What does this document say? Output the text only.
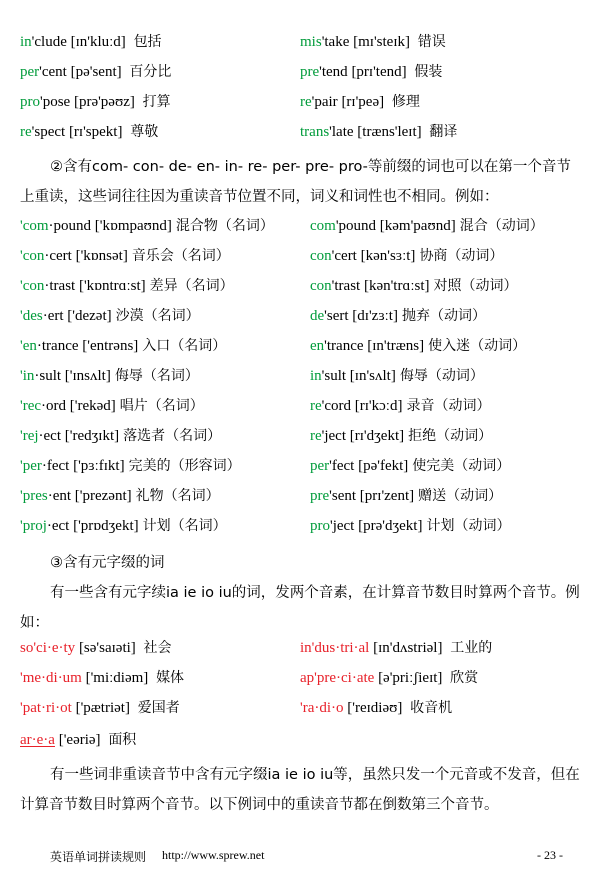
in'clude [ɪn'kluːd] 包括	mis'take [mɪ'steɪk] 错误
per'cent [pə'sent] 百分比	pre'tend [prɪ'tend] 假装
pro'pose [prə'pəʊz] 打算	re'pair [rɪ'peə] 修理
re'spect [rɪ'spekt] 尊敬	trans'late [træns'leɪt] 翻译
②含有com- con- de- en- in- re- per- pre- pro-等前缀的词也可以在第一个音节上重读，这些词往往因为重读音节位置不同，词义和词性也不相同。例如：
'com·pound ['kɒmpaʊnd] 混合物（名词） com'pound [kəm'paʊnd] 混合（动词）
'con·cert ['kɒnsət] 音乐会（名词）	con'cert [kən'sɜːt] 协商（动词）
'con·trast ['kɒntrɑːst] 差异（名词）	con'trast [kən'trɑːst] 对照（动词）
'des·ert ['dezət] 沙漠（名词）	de'sert [dɪ'zɜːt] 抛弃（动词）
'en·trance ['entrəns] 入口（名词）	en'trance [ɪn'træns] 使入迷（动词）
'in·sult ['ɪnsʌlt] 侮辱（名词）	in'sult [ɪn'sʌlt] 侮辱（动词）
'rec·ord ['rekəd] 唱片（名词）	re'cord [rɪ'kɔːd] 录音（动词）
'rej·ect ['redʒɪkt] 落选者（名词）	re'ject [rɪ'dʒekt] 拒绝（动词）
'per·fect ['pɜːfɪkt] 完美的（形容词）	per'fect [pə'fekt] 使完美（动词）
'pres·ent ['prezənt] 礼物（名词）	pre'sent [prɪ'zent] 赠送（动词）
'proj·ect ['prɒdʒekt] 计划（名词）	pro'ject [prə'dʒekt] 计划（动词）
③含有元字缀的词
有一些含有元字续ia ie io iu的词，发两个音素，在计算音节数目时算两个音节。例如：
so'ci·e·ty [sə'saɪəti] 社会	in'dus·tri·al [ɪn'dʌstriəl] 工业的
'me·di·um ['miːdiəm] 媒体	ap'pre·ci·ate [ə'priːʃieɪt] 欣赏
'pat·ri·ot ['pætriət] 爱国者	'ra·di·o ['reɪdiəʊ] 收音机
ar·e·a ['eəriə] 面积
有一些词非重读音节中含有元字缀ia ie io iu等，虽然只发一个元音或不发音，但在计算音节数目时算两个音节。以下例词中的重读音节都在倒数第三个音节。
英语单词拼读规则 http://www.sprew.net	- 23 -
